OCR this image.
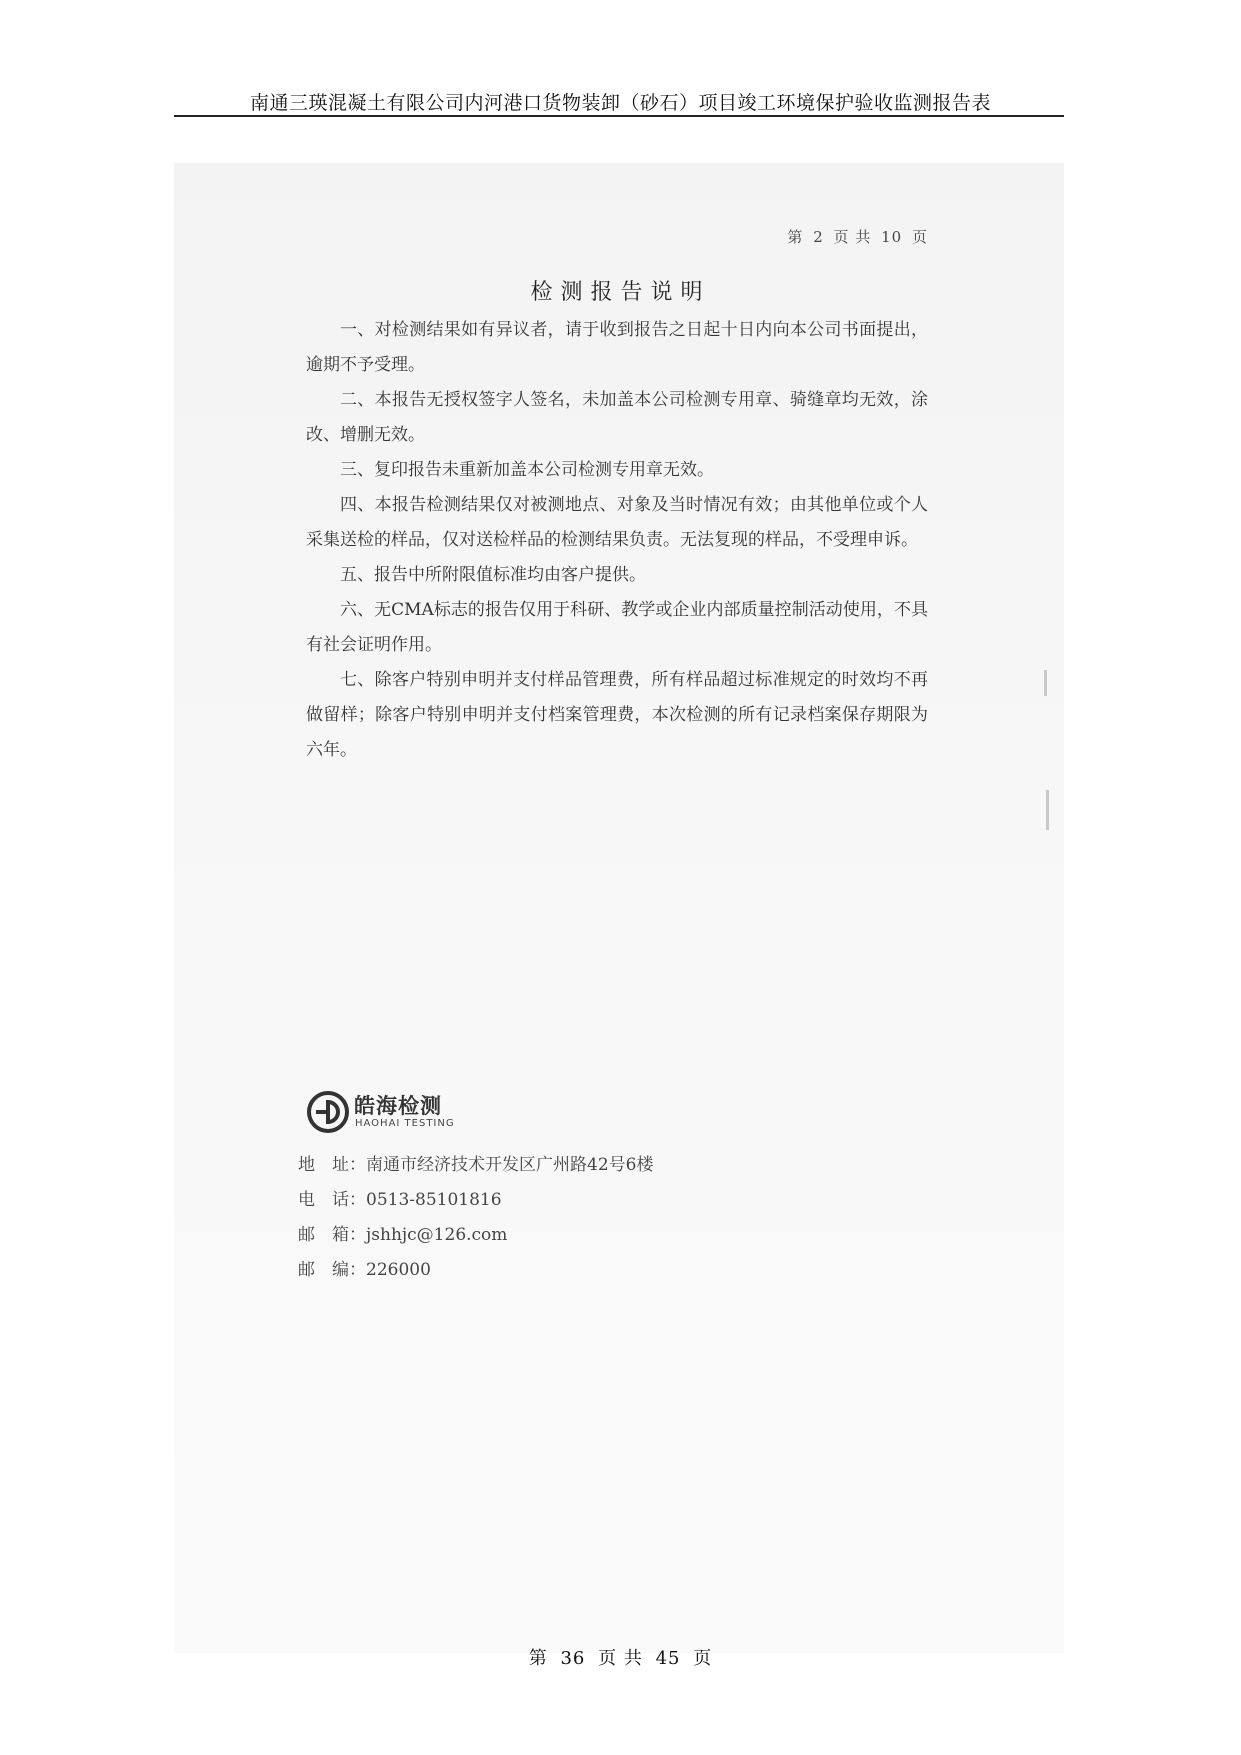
南通三瑛混凝土有限公司内河港口货物装卸（砂石）项目竣工环境保护验收监测报告表
第 2 页 共 10 页
检测报告说明

一、对检测结果如有异议者，请于收到报告之日起十日内向本公司书面提出，逾期不予受理。

二、本报告无授权签字人签名，未加盖本公司检测专用章、骑缝章均无效，涂改、增删无效。

三、复印报告未重新加盖本公司检测专用章无效。

四、本报告检测结果仅对被测地点、对象及当时情况有效；由其他单位或个人采集送检的样品，仅对送检样品的检测结果负责。无法复现的样品，不受理申诉。

五、报告中所附限值标准均由客户提供。

六、无CMA标志的报告仅用于科研、教学或企业内部质量控制活动使用，不具有社会证明作用。

七、除客户特别申明并支付样品管理费，所有样品超过标准规定的时效均不再做留样；除客户特别申明并支付档案管理费，本次检测的所有记录档案保存期限为六年。

皓海检测
HAOHAI TESTING
地　址：南通市经济技术开发区广州路42号6楼
电　话：0513-85101816
邮　箱：jshhjc@126.com
邮　编：226000
第 36 页 共 45 页
